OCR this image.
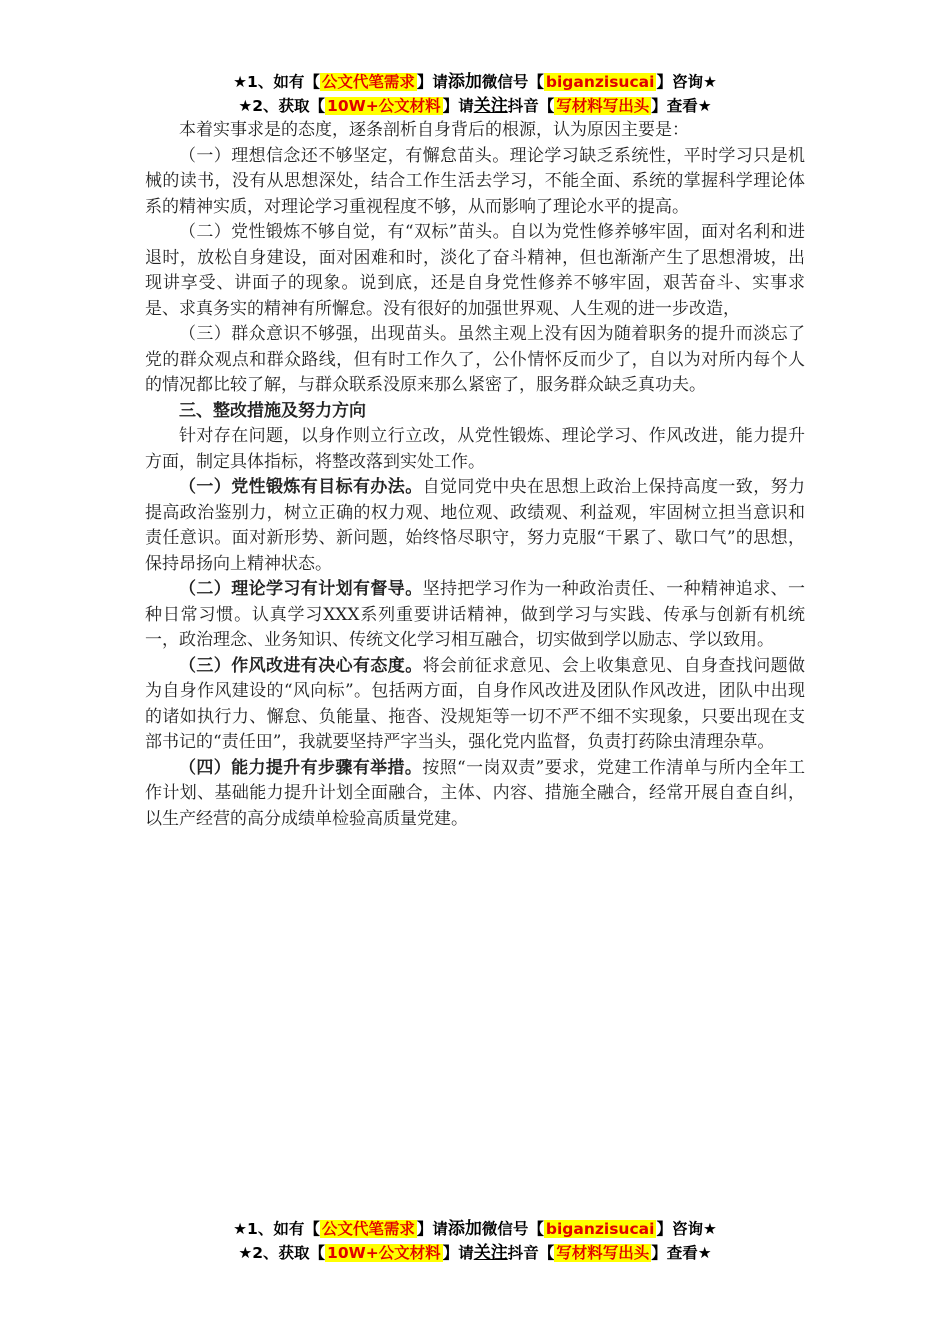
★1、如有【 公文代笔需求 】请添加微信号【 biganzisucai 】咨询★
★2、获取【 10W+公文材料 】请关注抖音【 写材料写出头 】查看★

本着实事求是的态度，逐条剖析自身背后的根源，认为原因主要是：

（一）理想信念还不够坚定，有懈怠苗头。理论学习缺乏系统性，平时学习只是机械的读书，没有从思想深处，结合工作生活去学习，不能全面、系统的掌握科学理论体系的精神实质，对理论学习重视程度不够，从而影响了理论水平的提高。

（二）党性锻炼不够自觉，有“双标”苗头。自以为党性修养够牢固，面对名利和进退时，放松自身建设，面对困难和时，淡化了奋斗精神，但也渐渐产生了思想滑坡，出现讲享受、讲面子的现象。说到底，还是自身党性修养不够牢固，艰苦奋斗、实事求是、求真务实的精神有所懈怠。没有很好的加强世界观、人生观的进一步改造，

（三）群众意识不够强，出现苗头。虽然主观上没有因为随着职务的提升而淡忘了党的群众观点和群众路线，但有时工作久了，公仆情怀反而少了，自以为对所内每个人的情况都比较了解，与群众联系没原来那么紧密了，服务群众缺乏真功夫。

三、整改措施及努力方向

针对存在问题，以身作则立行立改，从党性锻炼、理论学习、作风改进，能力提升方面，制定具体指标，将整改落到实处工作。

（一）党性锻炼有目标有办法。自觉同党中央在思想上政治上保持高度一致，努力提高政治鉴别力，树立正确的权力观、地位观、政绩观、利益观，牢固树立担当意识和责任意识。面对新形势、新问题，始终恪尽职守，努力克服“干累了、歇口气”的思想，保持昂扬向上精神状态。

（二）理论学习有计划有督导。坚持把学习作为一种政治责任、一种精神追求、一种日常习惯。认真学习XXX系列重要讲话精神，做到学习与实践、传承与创新有机统一，政治理念、业务知识、传统文化学习相互融合，切实做到学以励志、学以致用。

（三）作风改进有决心有态度。将会前征求意见、会上收集意见、自身查找问题做为自身作风建设的“风向标”。包括两方面，自身作风改进及团队作风改进，团队中出现的诸如执行力、懈怠、负能量、拖沓、没规矩等一切不严不细不实现象，只要出现在支部书记的“责任田”，我就要坚持严字当头，强化党内监督，负责打药除虫清理杂草。

（四）能力提升有步骤有举措。按照“一岗双责”要求，党建工作清单与所内全年工作计划、基础能力提升计划全面融合，主体、内容、措施全融合，经常开展自查自纠，以生产经营的高分成绩单检验高质量党建。

★1、如有【 公文代笔需求 】请添加微信号【 biganzisucai 】咨询★
★2、获取【 10W+公文材料 】请关注抖音【 写材料写出头 】查看★
